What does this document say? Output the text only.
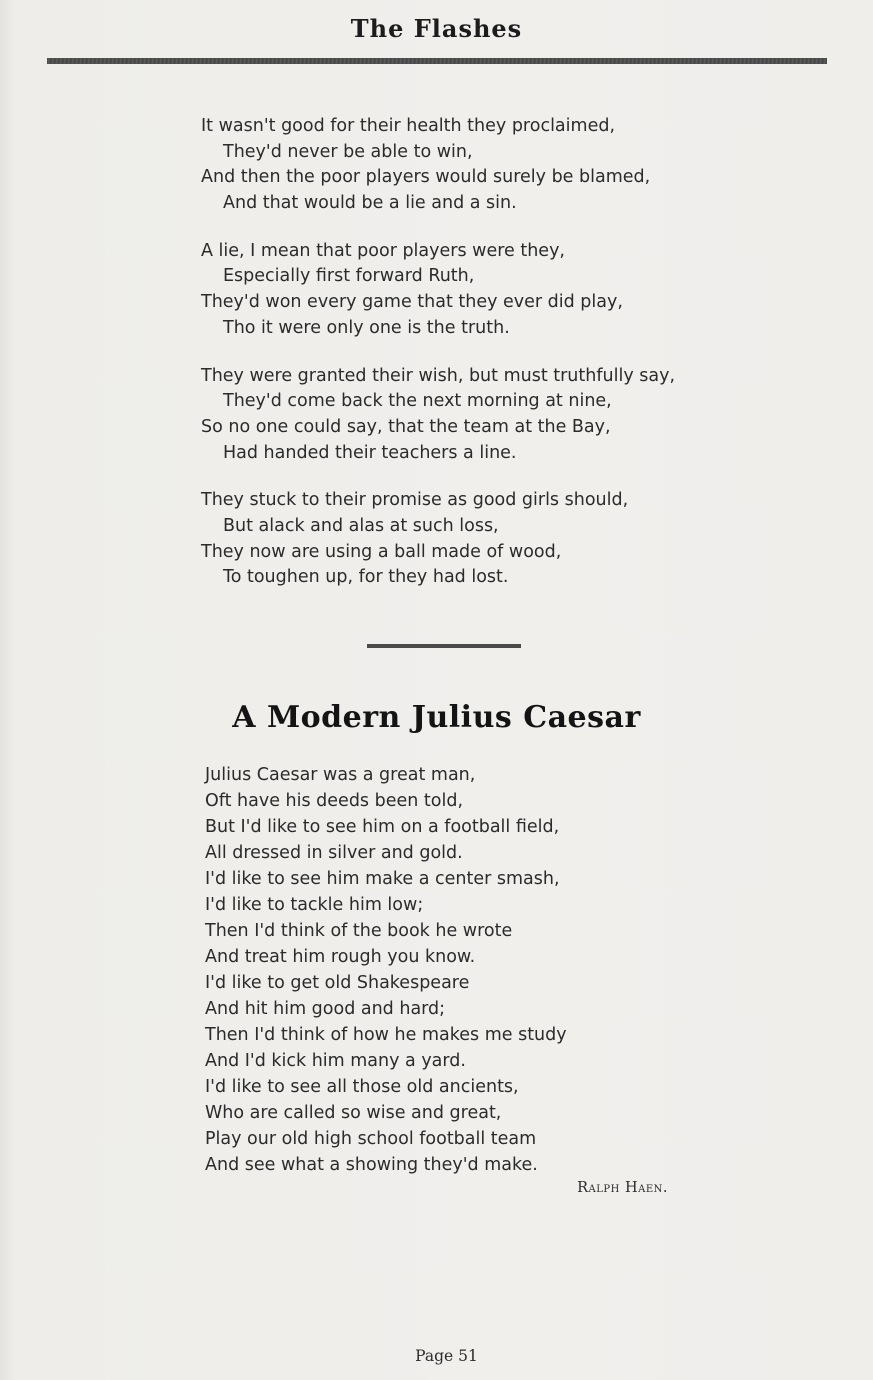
The Flashes
It wasn't good for their health they proclaimed,
They'd never be able to win,
And then the poor players would surely be blamed,
And that would be a lie and a sin.
A lie, I mean that poor players were they,
Especially first forward Ruth,
They'd won every game that they ever did play,
Tho it were only one is the truth.
They were granted their wish, but must truthfully say,
They'd come back the next morning at nine,
So no one could say, that the team at the Bay,
Had handed their teachers a line.
They stuck to their promise as good girls should,
But alack and alas at such loss,
They now are using a ball made of wood,
To toughen up, for they had lost.
A Modern Julius Caesar
Julius Caesar was a great man,
Oft have his deeds been told,
But I'd like to see him on a football field,
All dressed in silver and gold.
I'd like to see him make a center smash,
I'd like to tackle him low;
Then I'd think of the book he wrote
And treat him rough you know.
I'd like to get old Shakespeare
And hit him good and hard;
Then I'd think of how he makes me study
And I'd kick him many a yard.
I'd like to see all those old ancients,
Who are called so wise and great,
Play our old high school football team
And see what a showing they'd make.
Ralph Haen.
Page 51
